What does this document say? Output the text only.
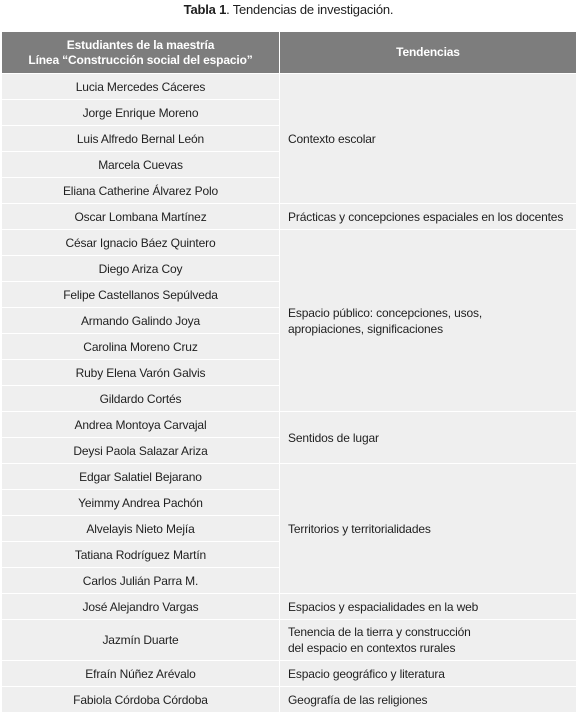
Tabla 1. Tendencias de investigación.
Estudiantes de la maestría
Línea “Construcción social del espacio”	Tendencias
Lucia Mercedes Cáceres	Contexto escolar
Jorge Enrique Moreno	
Luis Alfredo Bernal León	
Marcela Cuevas	
Eliana Catherine Álvarez Polo	
Oscar Lombana Martínez	Prácticas y concepciones espaciales en los docentes
César Ignacio Báez Quintero	Espacio público: concepciones, usos,
apropiaciones, significaciones
Diego Ariza Coy	
Felipe Castellanos Sepúlveda	
Armando Galindo Joya	
Carolina Moreno Cruz	
Ruby Elena Varón Galvis	
Gildardo Cortés	
Andrea Montoya Carvajal	Sentidos de lugar
Deysi Paola Salazar Ariza	
Edgar Salatiel Bejarano	Territorios y territorialidades
Yeimmy Andrea Pachón	
Alvelayis Nieto Mejía	
Tatiana Rodríguez Martín	
Carlos Julián Parra M.	
José Alejandro Vargas	Espacios y espacialidades en la web
Jazmín Duarte	Tenencia de la tierra y construcción
del espacio en contextos rurales
Efraín Núñez Arévalo	Espacio geográfico y literatura
Fabiola Córdoba Córdoba	Geografía de las religiones
